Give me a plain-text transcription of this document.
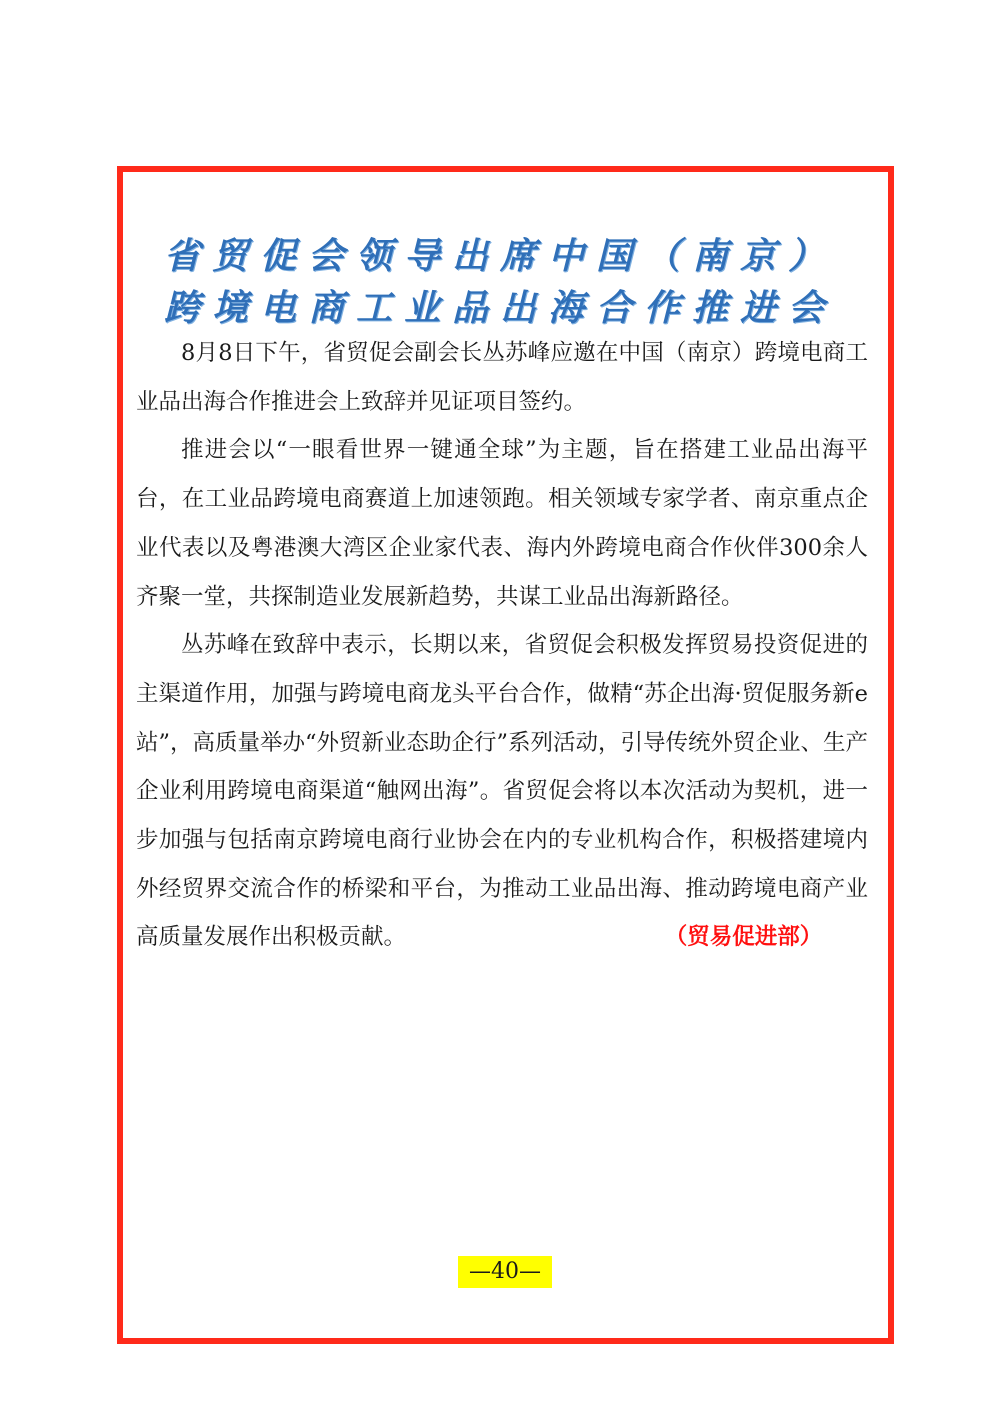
省贸促会领导出席中国（南京）
跨境电商工业品出海合作推进会

8月8日下午，省贸促会副会长丛苏峰应邀在中国（南京）跨境电商工业品出海合作推进会上致辞并见证项目签约。

推进会以“一眼看世界一键通全球”为主题，旨在搭建工业品出海平台，在工业品跨境电商赛道上加速领跑。相关领域专家学者、南京重点企业代表以及粤港澳大湾区企业家代表、海内外跨境电商合作伙伴300余人齐聚一堂，共探制造业发展新趋势，共谋工业品出海新路径。

丛苏峰在致辞中表示，长期以来，省贸促会积极发挥贸易投资促进的主渠道作用，加强与跨境电商龙头平台合作，做精“苏企出海·贸促服务新e站”，高质量举办“外贸新业态助企行”系列活动，引导传统外贸企业、生产企业利用跨境电商渠道“触网出海”。省贸促会将以本次活动为契机，进一步加强与包括南京跨境电商行业协会在内的专业机构合作，积极搭建境内外经贸界交流合作的桥梁和平台，为推动工业品出海、推动跨境电商产业高质量发展作出积极贡献。	（贸易促进部）

—40—
